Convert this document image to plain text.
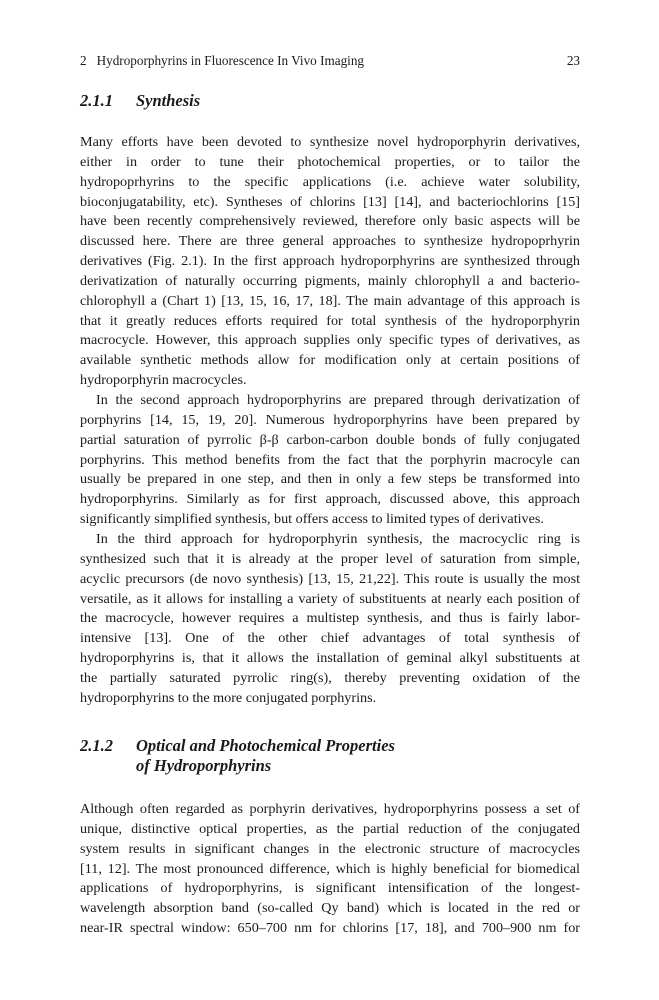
2 Hydroporphyrins in Fluorescence In Vivo Imaging	23
2.1.1 Synthesis
Many efforts have been devoted to synthesize novel hydroporphyrin derivatives,
either in order to tune their photochemical properties, or to tailor the
hydropoprhyrins to the specific applications (i.e. achieve water solubility,
bioconjugatability, etc). Syntheses of chlorins [13] [14], and bacteriochlorins [15]
have been recently comprehensively reviewed, therefore only basic aspects will be
discussed here. There are three general approaches to synthesize hydropoprhyrin
derivatives (Fig. 2.1). In the first approach hydroporphyrins are synthesized through
derivatization of naturally occurring pigments, mainly chlorophyll a and bacterio-
chlorophyll a (Chart 1) [13, 15, 16, 17, 18]. The main advantage of this approach is
that it greatly reduces efforts required for total synthesis of the hydroporphyrin
macrocycle. However, this approach supplies only specific types of derivatives, as
available synthetic methods allow for modification only at certain positions of
hydroporphyrin macrocycles.
In the second approach hydroporphyrins are prepared through derivatization of
porphyrins [14, 15, 19, 20]. Numerous hydroporphyrins have been prepared by
partial saturation of pyrrolic β-β carbon-carbon double bonds of fully conjugated
porphyrins. This method benefits from the fact that the porphyrin macrocyle can
usually be prepared in one step, and then in only a few steps be transformed into
hydroporphyrins. Similarly as for first approach, discussed above, this approach
significantly simplified synthesis, but offers access to limited types of derivatives.
In the third approach for hydroporphyrin synthesis, the macrocyclic ring is
synthesized such that it is already at the proper level of saturation from simple,
acyclic precursors (de novo synthesis) [13, 15, 21,22]. This route is usually the most
versatile, as it allows for installing a variety of substituents at nearly each position of
the macrocycle, however requires a multistep synthesis, and thus is fairly labor-
intensive [13]. One of the other chief advantages of total synthesis of
hydroporphyrins is, that it allows the installation of geminal alkyl substituents at
the partially saturated pyrrolic ring(s), thereby preventing oxidation of the
hydroporphyrins to the more conjugated porphyrins.
2.1.2 Optical and Photochemical Properties
of Hydroporphyrins
Although often regarded as porphyrin derivatives, hydroporphyrins possess a set of
unique, distinctive optical properties, as the partial reduction of the conjugated
system results in significant changes in the electronic structure of macrocycles
[11, 12]. The most pronounced difference, which is highly beneficial for biomedical
applications of hydroporphyrins, is significant intensification of the longest-
wavelength absorption band (so-called Qy band) which is located in the red or
near-IR spectral window: 650–700 nm for chlorins [17, 18], and 700–900 nm for
